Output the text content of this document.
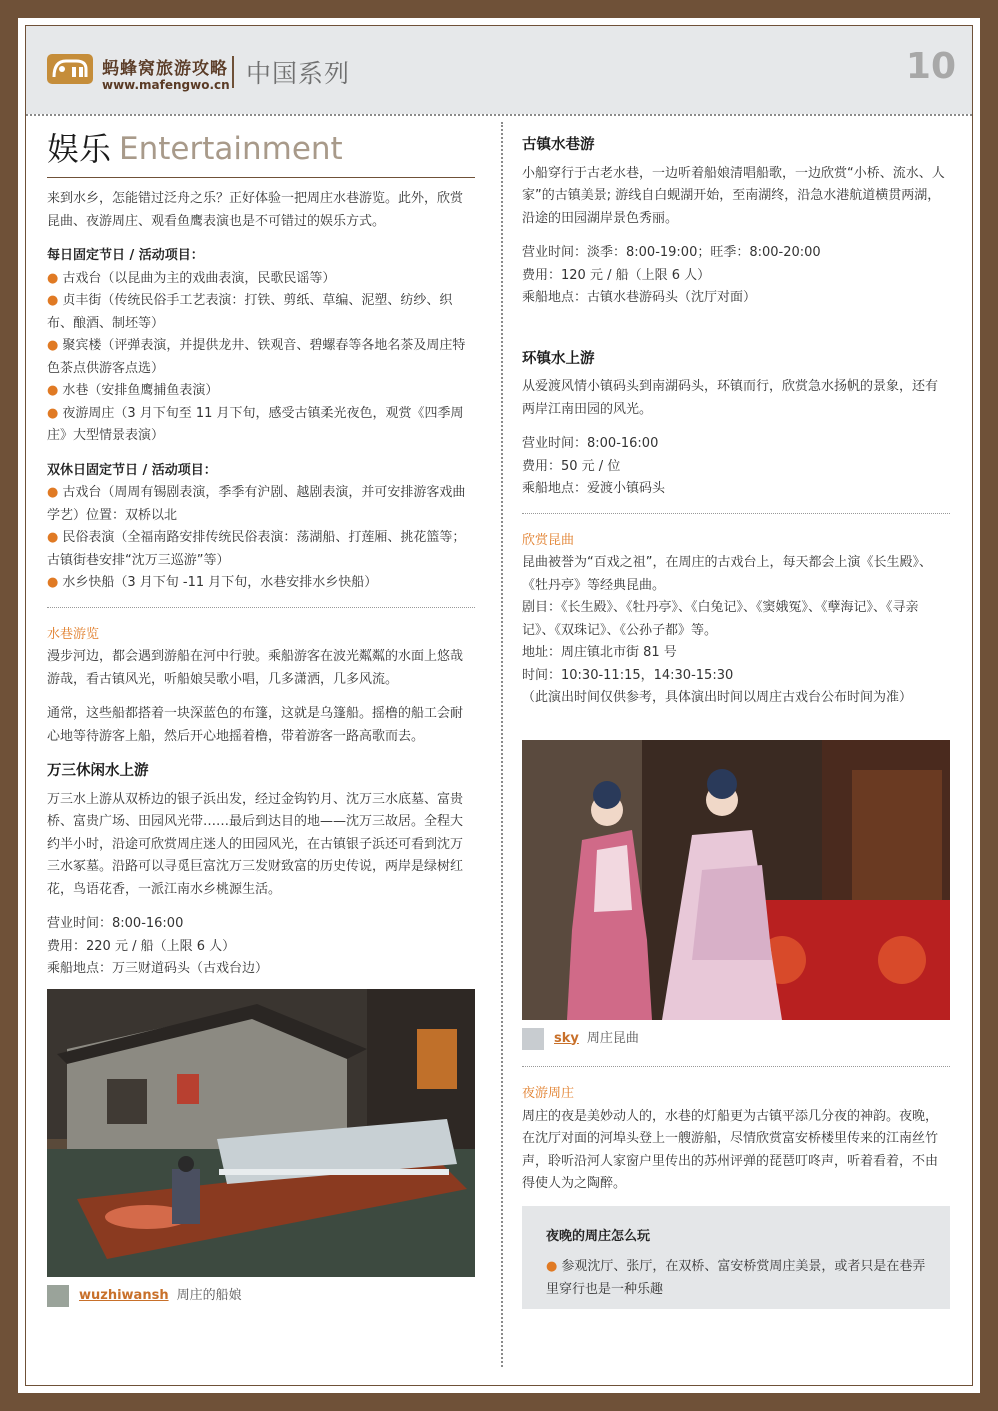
蚂蜂窝旅游攻略
www.mafengwo.cn 中国系列	10
娱乐 Entertainment

来到水乡，怎能错过泛舟之乐？正好体验一把周庄水巷游览。此外，欣赏昆曲、夜游周庄、观看鱼鹰表演也是不可错过的娱乐方式。

每日固定节日 / 活动项目：

● 古戏台（以昆曲为主的戏曲表演，民歌民谣等）

● 贞丰街（传统民俗手工艺表演：打铁、剪纸、草编、泥塑、纺纱、织布、酿酒、制坯等）

● 聚宾楼（评弹表演，并提供龙井、铁观音、碧螺春等各地名茶及周庄特色茶点供游客点选）

● 水巷（安排鱼鹰捕鱼表演）

● 夜游周庄（3 月下旬至 11 月下旬，感受古镇柔光夜色，观赏《四季周庄》大型情景表演）

双休日固定节日 / 活动项目：

● 古戏台（周周有锡剧表演，季季有沪剧、越剧表演，并可安排游客戏曲学艺）位置：双桥以北

● 民俗表演（全福南路安排传统民俗表演：荡湖船、打莲厢、挑花篮等；古镇街巷安排“沈万三巡游”等）

● 水乡快船（3 月下旬 -11 月下旬，水巷安排水乡快船）

水巷游览

漫步河边，都会遇到游船在河中行驶。乘船游客在波光粼粼的水面上悠哉游哉，看古镇风光，听船娘吴歌小唱，几多潇洒，几多风流。

通常，这些船都搭着一块深蓝色的布篷，这就是乌篷船。摇橹的船工会耐心地等待游客上船，然后开心地摇着橹，带着游客一路高歌而去。

万三休闲水上游

万三水上游从双桥边的银子浜出发，经过金钩钓月、沈万三水底墓、富贵桥、富贵广场、田园风光带……最后到达目的地——沈万三故居。全程大约半小时，沿途可欣赏周庄迷人的田园风光，在古镇银子浜还可看到沈万三水冢墓。沿路可以寻觅巨富沈万三发财致富的历史传说，两岸是绿树红花，鸟语花香，一派江南水乡桃源生活。

营业时间：8:00-16:00

费用：220 元 / 船（上限 6 人）

乘船地点：万三财道码头（古戏台边）

wuzhiwansh 周庄的船娘

古镇水巷游

小船穿行于古老水巷，一边听着船娘清唱船歌，一边欣赏“小桥、流水、人家”的古镇美景; 游线自白蚬湖开始，至南湖终，沿急水港航道横贯两湖，沿途的田园湖岸景色秀丽。

营业时间：淡季：8:00-19:00；旺季：8:00-20:00

费用：120 元 / 船（上限 6 人）

乘船地点：古镇水巷游码头（沈厅对面）

环镇水上游

从爱渡风情小镇码头到南湖码头，环镇而行，欣赏急水扬帆的景象，还有两岸江南田园的风光。

营业时间：8:00-16:00

费用：50 元 / 位

乘船地点：爱渡小镇码头

欣赏昆曲

昆曲被誉为“百戏之祖”，在周庄的古戏台上，每天都会上演《长生殿》、《牡丹亭》等经典昆曲。

剧目：《长生殿》、《牡丹亭》、《白兔记》、《窦娥冤》、《孽海记》、《寻亲记》、《双珠记》、《公孙子都》等。

地址：周庄镇北市街 81 号

时间：10:30-11:15，14:30-15:30

（此演出时间仅供参考，具体演出时间以周庄古戏台公布时间为准）

sky 周庄昆曲

夜游周庄

周庄的夜是美妙动人的，水巷的灯船更为古镇平添几分夜的神韵。夜晚，在沈厅对面的河埠头登上一艘游船，尽情欣赏富安桥楼里传来的江南丝竹声，聆听沿河人家窗户里传出的苏州评弹的琵琶叮咚声，听着看着，不由得使人为之陶醉。

夜晚的周庄怎么玩

● 参观沈厅、张厅，在双桥、富安桥赏周庄美景，或者只是在巷弄里穿行也是一种乐趣
